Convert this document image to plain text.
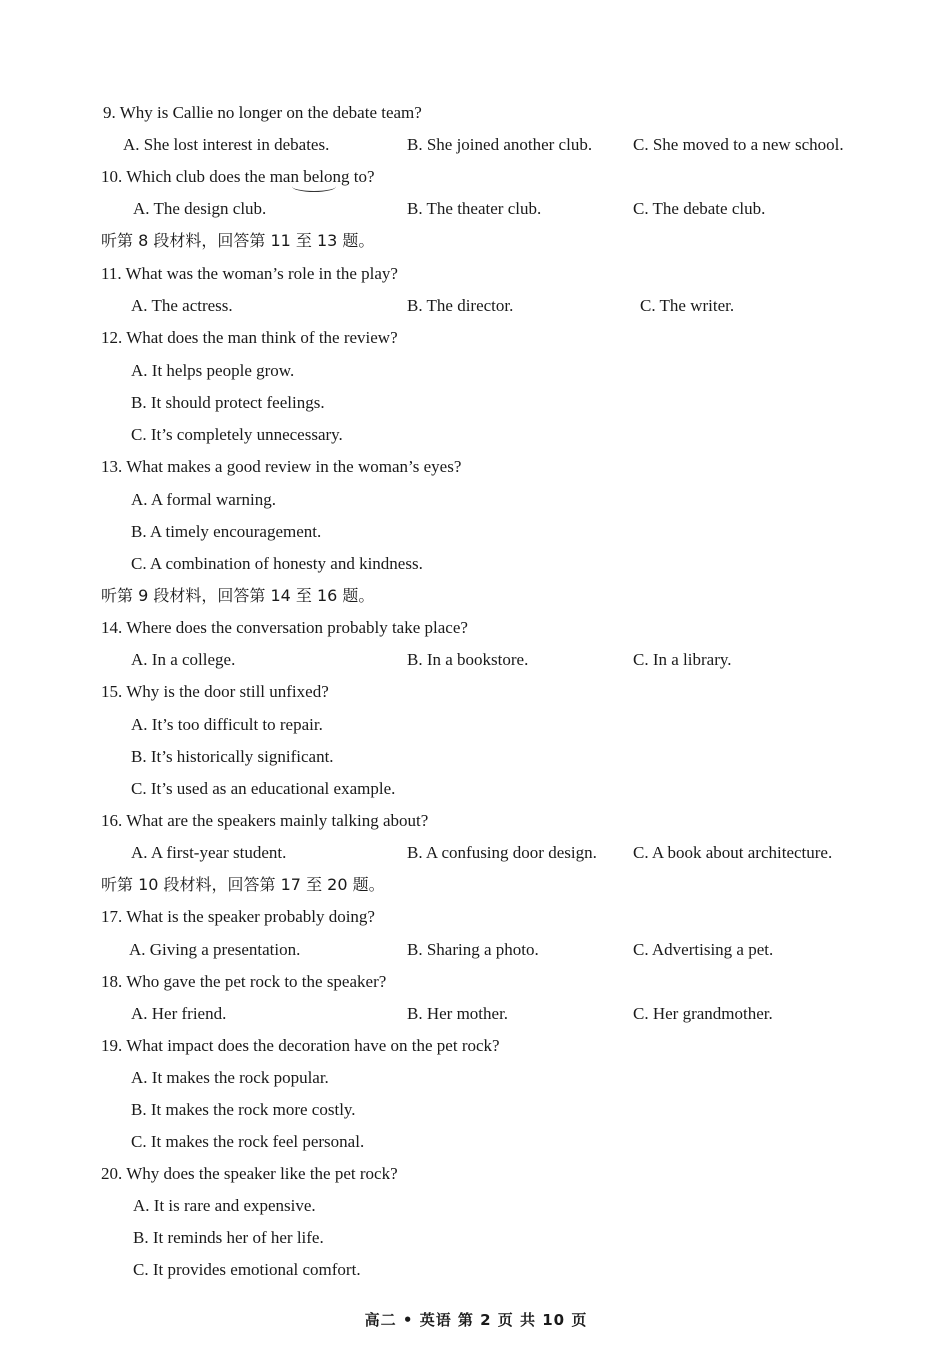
9. Why is Callie no longer on the debate team?
A. She lost interest in debates.	B. She joined another club. C. She moved to a new school.
10. Which club does the man belong to?
A. The design club.	B. The theater club.	C. The debate club.
听第 8 段材料，回答第 11 至 13 题。
11. What was the woman’s role in the play?
A. The actress.	B. The director.	C. The writer.
12. What does the man think of the review?
A. It helps people grow.
B. It should protect feelings.
C. It’s completely unnecessary.
13. What makes a good review in the woman’s eyes?
A. A formal warning.
B. A timely encouragement.
C. A combination of honesty and kindness.
听第 9 段材料，回答第 14 至 16 题。
14. Where does the conversation probably take place?
A. In a college.	B. In a bookstore.	C. In a library.
15. Why is the door still unfixed?
A. It’s too difficult to repair.
B. It’s historically significant.
C. It’s used as an educational example.
16. What are the speakers mainly talking about?
A. A first-year student.	B. A confusing door design. C. A book about architecture.
听第 10 段材料，回答第 17 至 20 题。
17. What is the speaker probably doing?
A. Giving a presentation.	B. Sharing a photo.	C. Advertising a pet.
18. Who gave the pet rock to the speaker?
A. Her friend.	B. Her mother.	C. Her grandmother.
19. What impact does the decoration have on the pet rock?
A. It makes the rock popular.
B. It makes the rock more costly.
C. It makes the rock feel personal.
20. Why does the speaker like the pet rock?
A. It is rare and expensive.
B. It reminds her of her life.
C. It provides emotional comfort.
高二 • 英语 第 2 页 共 10 页
